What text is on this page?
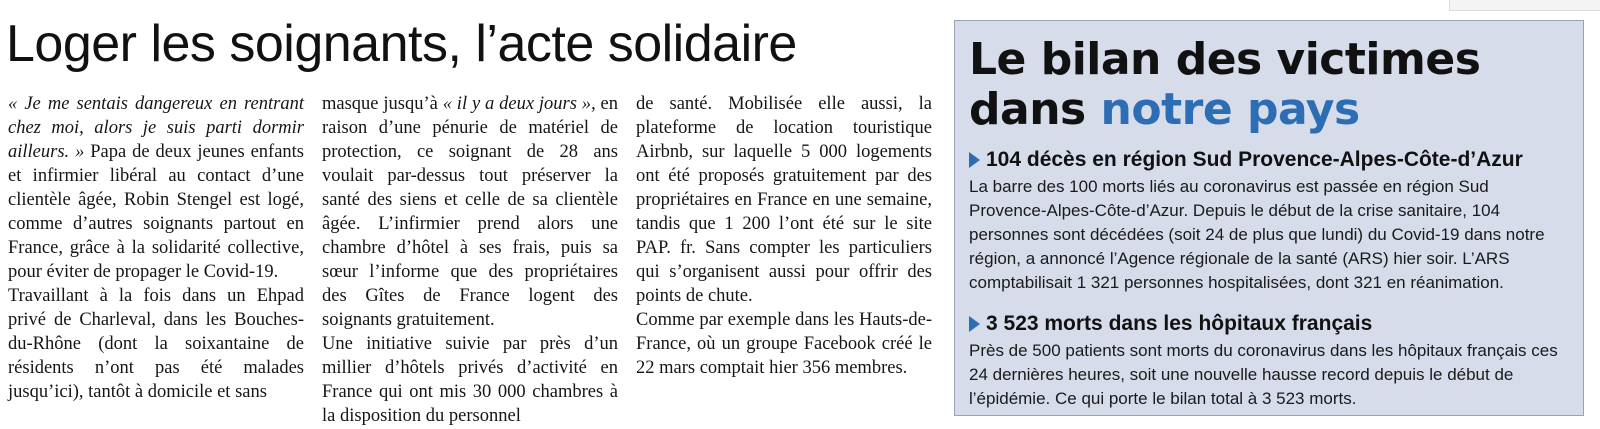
Loger les soignants, l’acte solidaire

« Je me sentais dangereux en rentrant chez moi, alors je suis parti dormir ailleurs. » Papa de deux jeunes enfants et infirmier libéral au contact d’une clientèle âgée, Robin Stengel est logé, comme d’autres soignants partout en France, grâce à la solidarité collective, pour éviter de propager le Covid-19.

Travaillant à la fois dans un Ehpad privé de Charleval, dans les Bouches-du-Rhône (dont la soixantaine de résidents n’ont pas été malades jusqu’ici), tantôt à domicile et sans

masque jusqu’à « il y a deux jours », en raison d’une pénurie de matériel de protection, ce soignant de 28 ans voulait par-dessus tout préserver la santé des siens et celle de sa clientèle âgée. L’infirmier prend alors une chambre d’hôtel à ses frais, puis sa sœur l’informe que des propriétaires des Gîtes de France logent des soignants gratuitement.

Une initiative suivie par près d’un millier d’hôtels privés d’activité en France qui ont mis 30 000 chambres à la disposition du personnel

de santé. Mobilisée elle aussi, la plateforme de location touristique Airbnb, sur laquelle 5 000 logements ont été proposés gratuitement par des propriétaires en France en une semaine, tandis que 1 200 l’ont été sur le site PAP. fr. Sans compter les particuliers qui s’organisent aussi pour offrir des points de chute.

Comme par exemple dans les Hauts-de-France, où un groupe Facebook créé le 22 mars comptait hier 356 membres.

Le bilan des victimes
dans notre pays
104 décès en région Sud Provence-Alpes-Côte-d’Azur

La barre des 100 morts liés au coronavirus est passée en région Sud Provence-Alpes-Côte-d’Azur. Depuis le début de la crise sanitaire, 104 personnes sont décédées (soit 24 de plus que lundi) du Covid-19 dans notre région, a annoncé l’Agence régionale de la santé (ARS) hier soir. L’ARS comptabilisait 1 321 personnes hospitalisées, dont 321 en réanimation.

3 523 morts dans les hôpitaux français

Près de 500 patients sont morts du coronavirus dans les hôpitaux français ces 24 dernières heures, soit une nouvelle hausse record depuis le début de l’épidémie. Ce qui porte le bilan total à 3 523 morts.
